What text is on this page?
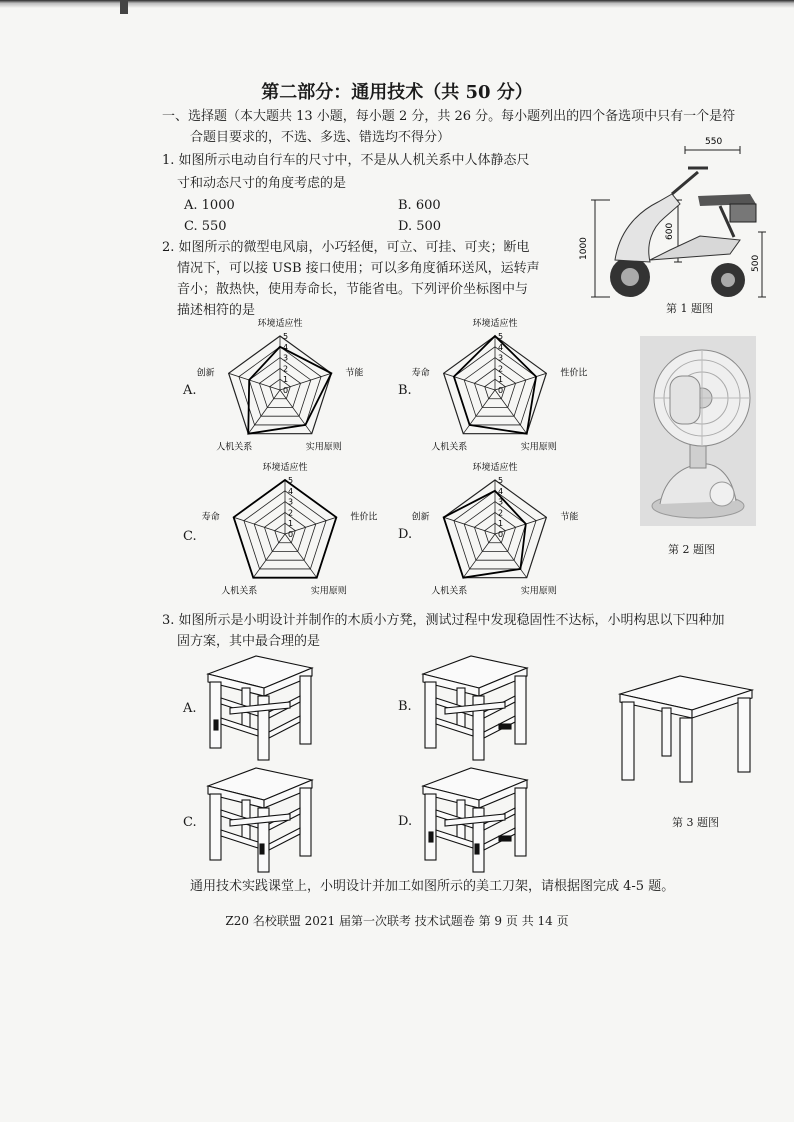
第二部分：通用技术（共 50 分）
一、选择题（本大题共 13 小题，每小题 2 分，共 26 分。每小题列出的四个备选项中只有一个是符
合题目要求的，不选、多选、错选均不得分）
1. 如图所示电动自行车的尺寸中，不是从人机关系中人体静态尺
寸和动态尺寸的角度考虑的是
A. 1000	B. 600
C. 550	D. 500
550
1000
600
500
第 1 题图
2. 如图所示的微型电风扇，小巧轻便，可立、可挂、可夹；断电
情况下，可以接 USB 接口使用；可以多角度循环送风，运转声
音小；散热快，使用寿命长，节能省电。下列评价坐标图中与
描述相符的是
第 2 题图
A.	B.
C.	D.
0
1
2
3
4
5
环境适应性
节能
实用原则
人机关系
创新
0
1
2
3
4
5
环境适应性
性价比
实用原则
人机关系
寿命
0
1
2
3
4
5
环境适应性
性价比
实用原则
人机关系
寿命
0
1
2
3
4
5
环境适应性
节能
实用原则
人机关系
创新
3. 如图所示是小明设计并制作的木质小方凳，测试过程中发现稳固性不达标，小明构思以下四种加
固方案，其中最合理的是
A.	B.
C.	D.	第 3 题图
通用技术实践课堂上，小明设计并加工如图所示的美工刀架，请根据图完成 4-5 题。
Z20 名校联盟 2021 届第一次联考 技术试题卷 第 9 页 共 14 页
